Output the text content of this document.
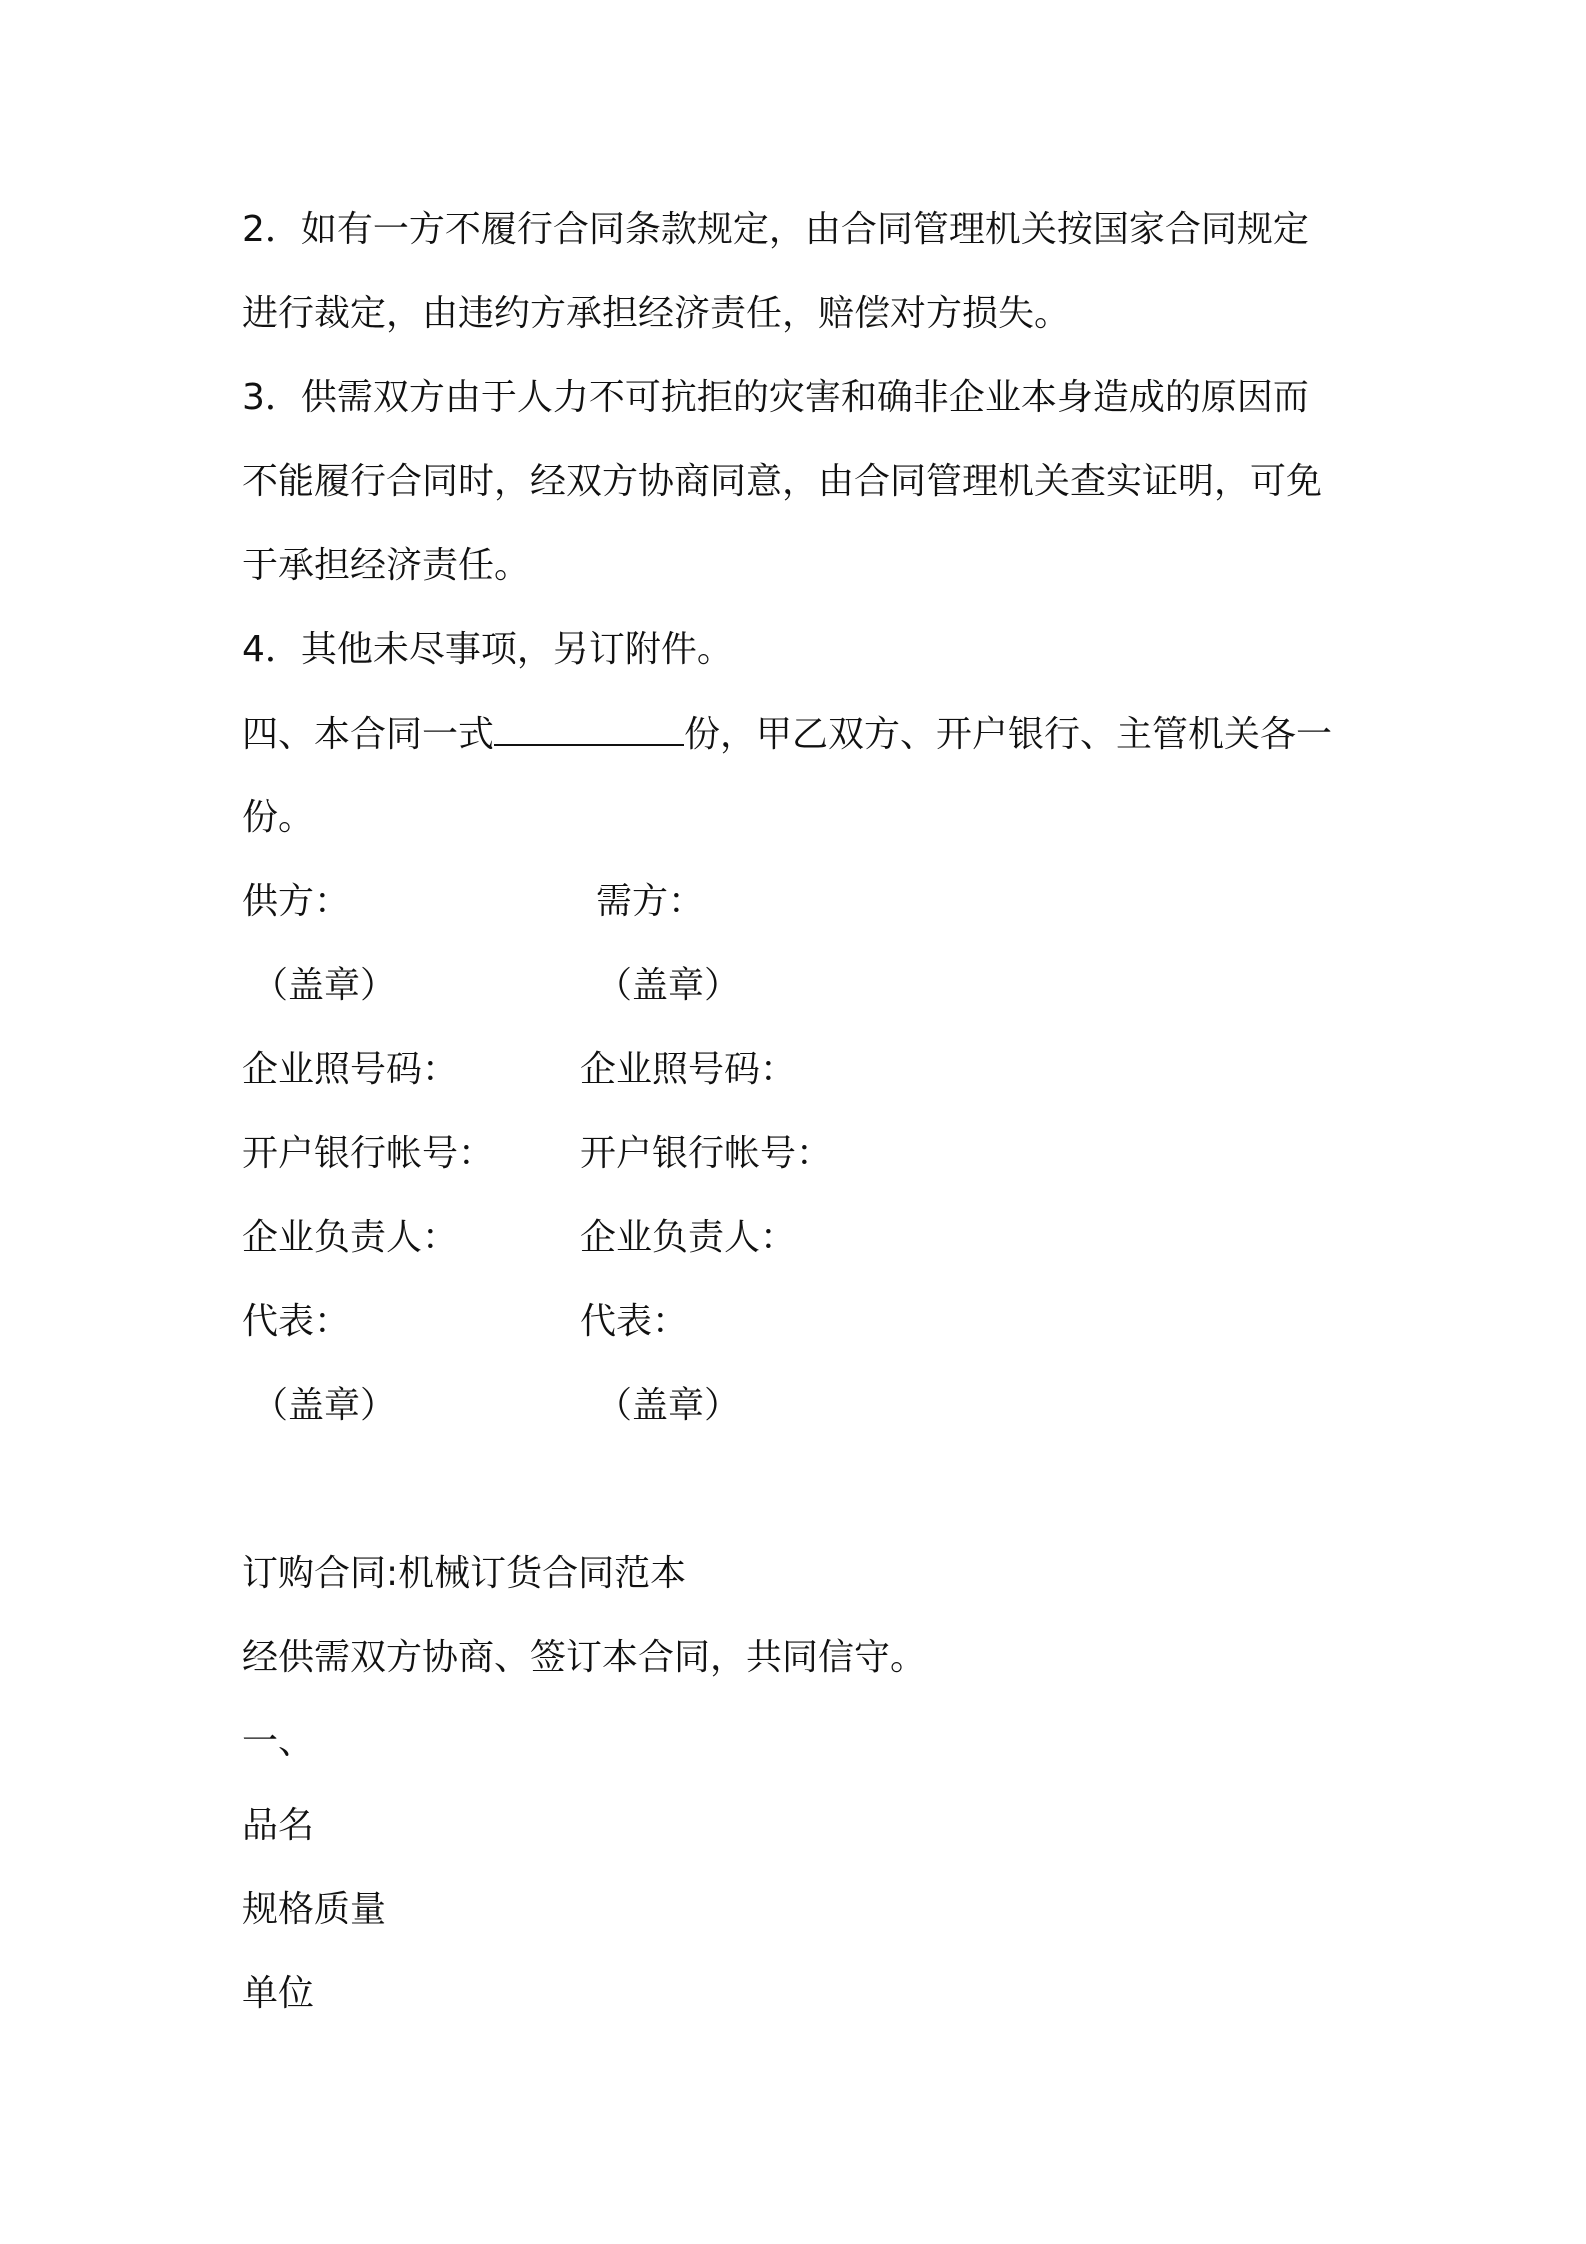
2．如有一方不履行合同条款规定，由合同管理机关按国家合同规定
进行裁定，由违约方承担经济责任，赔偿对方损失。
3．供需双方由于人力不可抗拒的灾害和确非企业本身造成的原因而
不能履行合同时，经双方协商同意，由合同管理机关查实证明，可免
于承担经济责任。
4．其他未尽事项，另订附件。
四、本合同一式	份，甲乙双方、开户银行、主管机关各一
份。
供方：	需方：
（盖章）	（盖章）
企业照号码：	企业照号码：
开户银行帐号： 开户银行帐号：
企业负责人：	企业负责人：
代表：	代表：
（盖章）	（盖章）
订购合同:机械订货合同范本
经供需双方协商、签订本合同，共同信守。
一、
品名
规格质量
单位
